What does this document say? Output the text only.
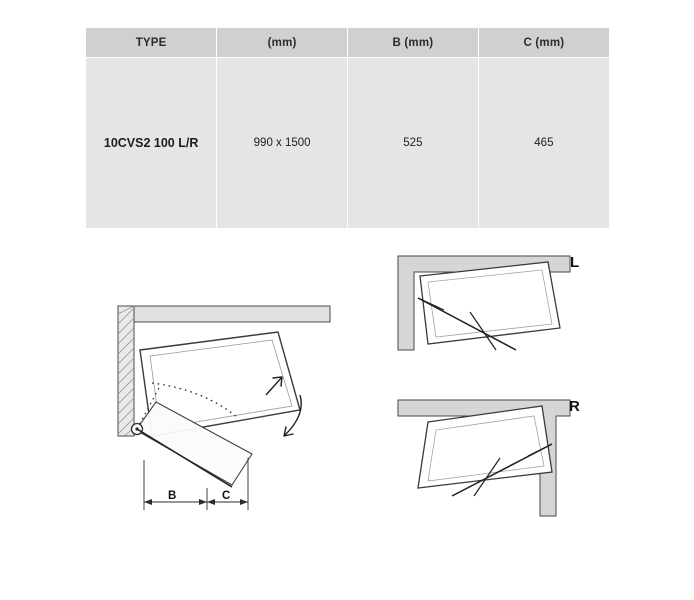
TYPE	(mm)	B (mm)	C (mm)
10CVS2 100 L/R	990 x 1500	525	465
B	C
L
R
